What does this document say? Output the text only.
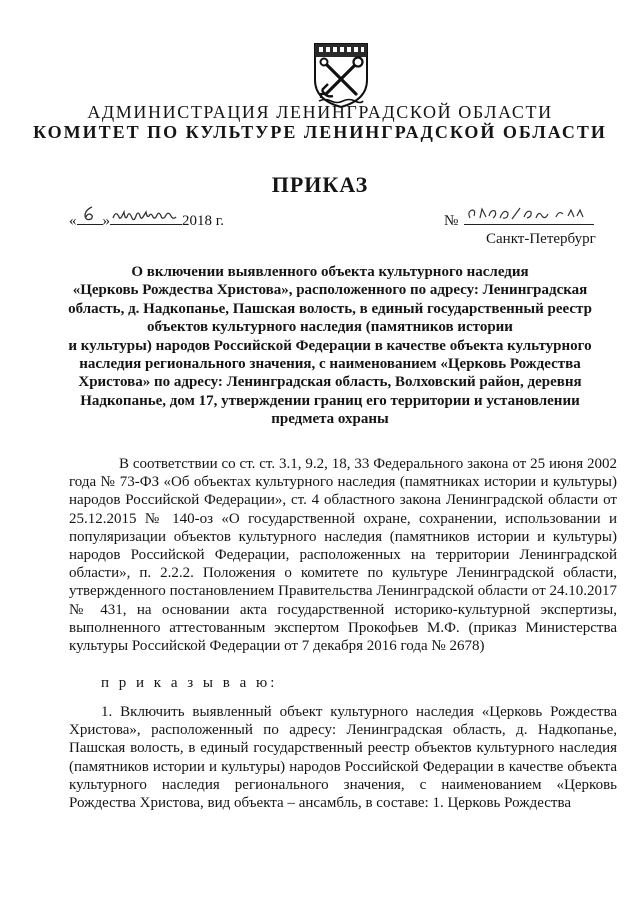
АДМИНИСТРАЦИЯ ЛЕНИНГРАДСКОЙ ОБЛАСТИ
КОМИТЕТ ПО КУЛЬТУРЕ ЛЕНИНГРАДСКОЙ ОБЛАСТИ
ПРИКАЗ
« »	2018 г.	№
Санкт-Петербург
О включении выявленного объекта культурного наследия
«Церковь Рождества Христова», расположенного по адресу: Ленинградская
область, д. Надкопанье, Пашская волость, в единый государственный реестр
объектов культурного наследия (памятников истории
и культуры) народов Российской Федерации в качестве объекта культурного
наследия регионального значения, с наименованием «Церковь Рождества
Христова» по адресу: Ленинградская область, Волховский район, деревня
Надкопанье, дом 17, утверждении границ его территории и установлении
предмета охраны
В соответствии со ст. ст. 3.1, 9.2, 18, 33 Федерального закона от 25 июня 2002 года № 73-ФЗ «Об объектах культурного наследия (памятниках истории и культуры) народов Российской Федерации», ст. 4 областного закона Ленинградской области от 25.12.2015 № 140-оз «О государственной охране, сохранении, использовании и популяризации объектов культурного наследия (памятников истории и культуры) народов Российской Федерации, расположенных на территории Ленинградской области», п. 2.2.2. Положения о комитете по культуре Ленинградской области, утвержденного постановлением Правительства Ленинградской области от 24.10.2017 № 431, на основании акта государственной историко-культурной экспертизы, выполненного аттестованным экспертом Прокофьев М.Ф. (приказ Министерства культуры Российской Федерации от 7 декабря 2016 года № 2678)
п р и к а з ы в а ю:
1. Включить выявленный объект культурного наследия «Церковь Рождества Христова», расположенный по адресу: Ленинградская область, д. Надкопанье, Пашская волость, в единый государственный реестр объектов культурного наследия (памятников истории и культуры) народов Российской Федерации в качестве объекта культурного наследия регионального значения, с наименованием «Церковь Рождества Христова, вид объекта – ансамбль, в составе: 1. Церковь Рождества
